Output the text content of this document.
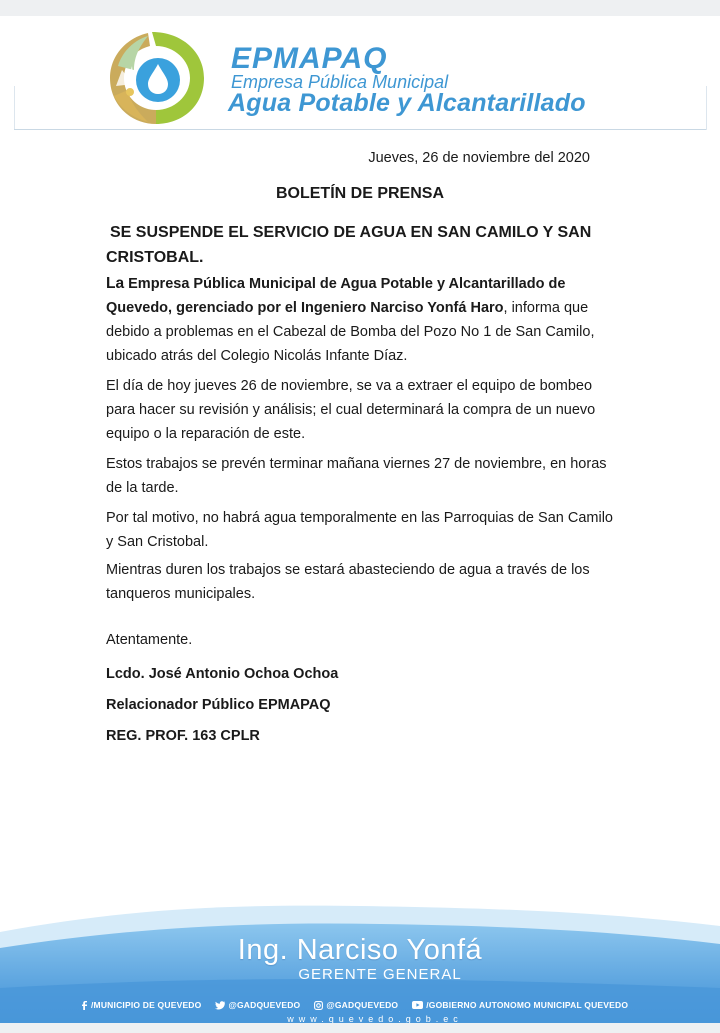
EPMAPAQ
Empresa Pública Municipal
Agua Potable y Alcantarillado
Jueves, 26 de noviembre del 2020
BOLETÍN DE PRENSA
SE SUSPENDE EL SERVICIO DE AGUA EN SAN CAMILO Y SAN CRISTOBAL.
La Empresa Pública Municipal de Agua Potable y Alcantarillado de Quevedo, gerenciado por el Ingeniero Narciso Yonfá Haro, informa que debido a problemas en el Cabezal de Bomba del Pozo No 1 de San Camilo, ubicado atrás del Colegio Nicolás Infante Díaz.
El día de hoy jueves 26 de noviembre, se va a extraer el equipo de bombeo para hacer su revisión y análisis; el cual determinará la compra de un nuevo equipo o la reparación de este.
Estos trabajos se prevén terminar mañana viernes 27 de noviembre, en horas de la tarde.
Por tal motivo, no habrá agua temporalmente en las Parroquias de San Camilo y San Cristobal.
Mientras duren los trabajos se estará abasteciendo de agua a través de los tanqueros municipales.
Atentamente.
Lcdo. José Antonio Ochoa Ochoa
Relacionador Público EPMAPAQ
REG. PROF. 163 CPLR
Ing. Narciso Yonfá
GERENTE GENERAL
/MUNICIPIO DE QUEVEDO	@GADQUEVEDO	@GADQUEVEDO	/GOBIERNO AUTONOMO MUNICIPAL QUEVEDO
www.quevedo.gob.ec
